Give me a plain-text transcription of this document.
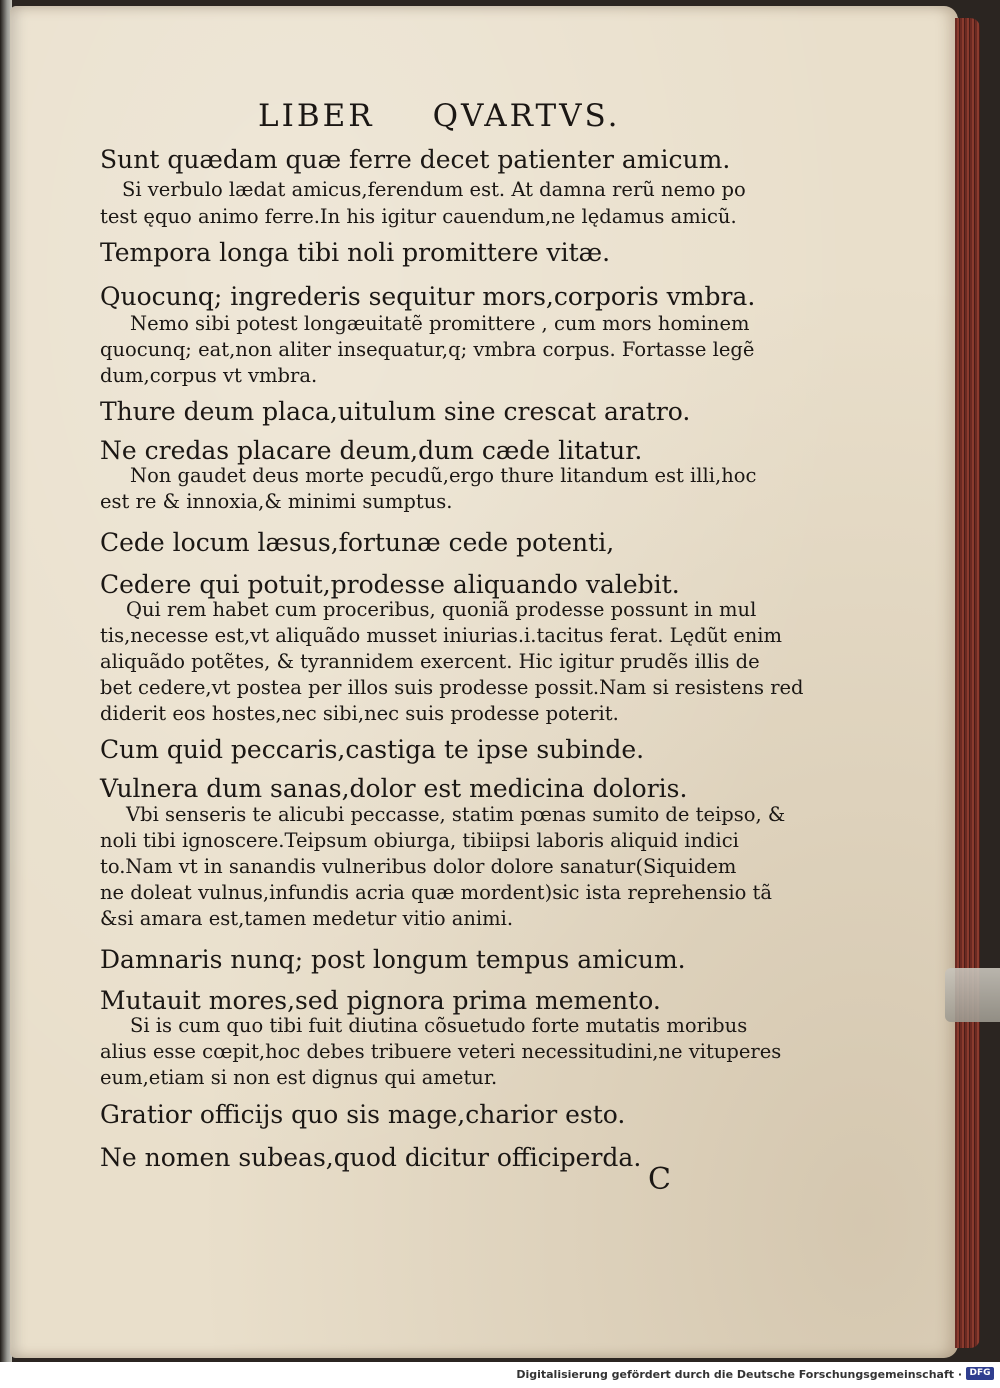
LIBER QVARTVS.
Sunt quædam quæ ferre decet patienter amicum.
Si verbulo lædat amicus,ferendum est. At damna rerũ nemo po
test ęquo animo ferre.In his igitur cauendum,ne lędamus amicũ.
Tempora longa tibi noli promittere vitæ.
Quocunq; ingrederis sequitur mors,corporis vmbra.
Nemo sibi potest longæuitatẽ promittere , cum mors hominem
quocunq; eat,non aliter insequatur,q; vmbra corpus. Fortasse legẽ
dum,corpus vt vmbra.
Thure deum placa,uitulum sine crescat aratro.
Ne credas placare deum,dum cæde litatur.
Non gaudet deus morte pecudũ,ergo thure litandum est illi,hoc
est re & innoxia,& minimi sumptus.
Cede locum læsus,fortunæ cede potenti,
Cedere qui potuit,prodesse aliquando valebit.
Qui rem habet cum proceribus, quoniã prodesse possunt in mul
tis,necesse est,vt aliquãdo musset iniurias.i.tacitus ferat. Lędũt enim
aliquãdo potẽtes, & tyrannidem exercent. Hic igitur prudẽs illis de
bet cedere,vt postea per illos suis prodesse possit.Nam si resistens red
diderit eos hostes,nec sibi,nec suis prodesse poterit.
Cum quid peccaris,castiga te ipse subinde.
Vulnera dum sanas,dolor est medicina doloris.
Vbi senseris te alicubi peccasse, statim pœnas sumito de teipso, &
noli tibi ignoscere.Teipsum obiurga, tibiipsi laboris aliquid indici
to.Nam vt in sanandis vulneribus dolor dolore sanatur(Siquidem
ne doleat vulnus,infundis acria quæ mordent)sic ista reprehensio tã
&si amara est,tamen medetur vitio animi.
Damnaris nunq; post longum tempus amicum.
Mutauit mores,sed pignora prima memento.
Si is cum quo tibi fuit diutina cõsuetudo forte mutatis moribus
alius esse cœpit,hoc debes tribuere veteri necessitudini,ne vituperes
eum,etiam si non est dignus qui ametur.
Gratior officijs quo sis mage,charior esto.
Ne nomen subeas,quod dicitur officiperda.
C
Digitalisierung gefördert durch die Deutsche Forschungsgemeinschaft · DFG
